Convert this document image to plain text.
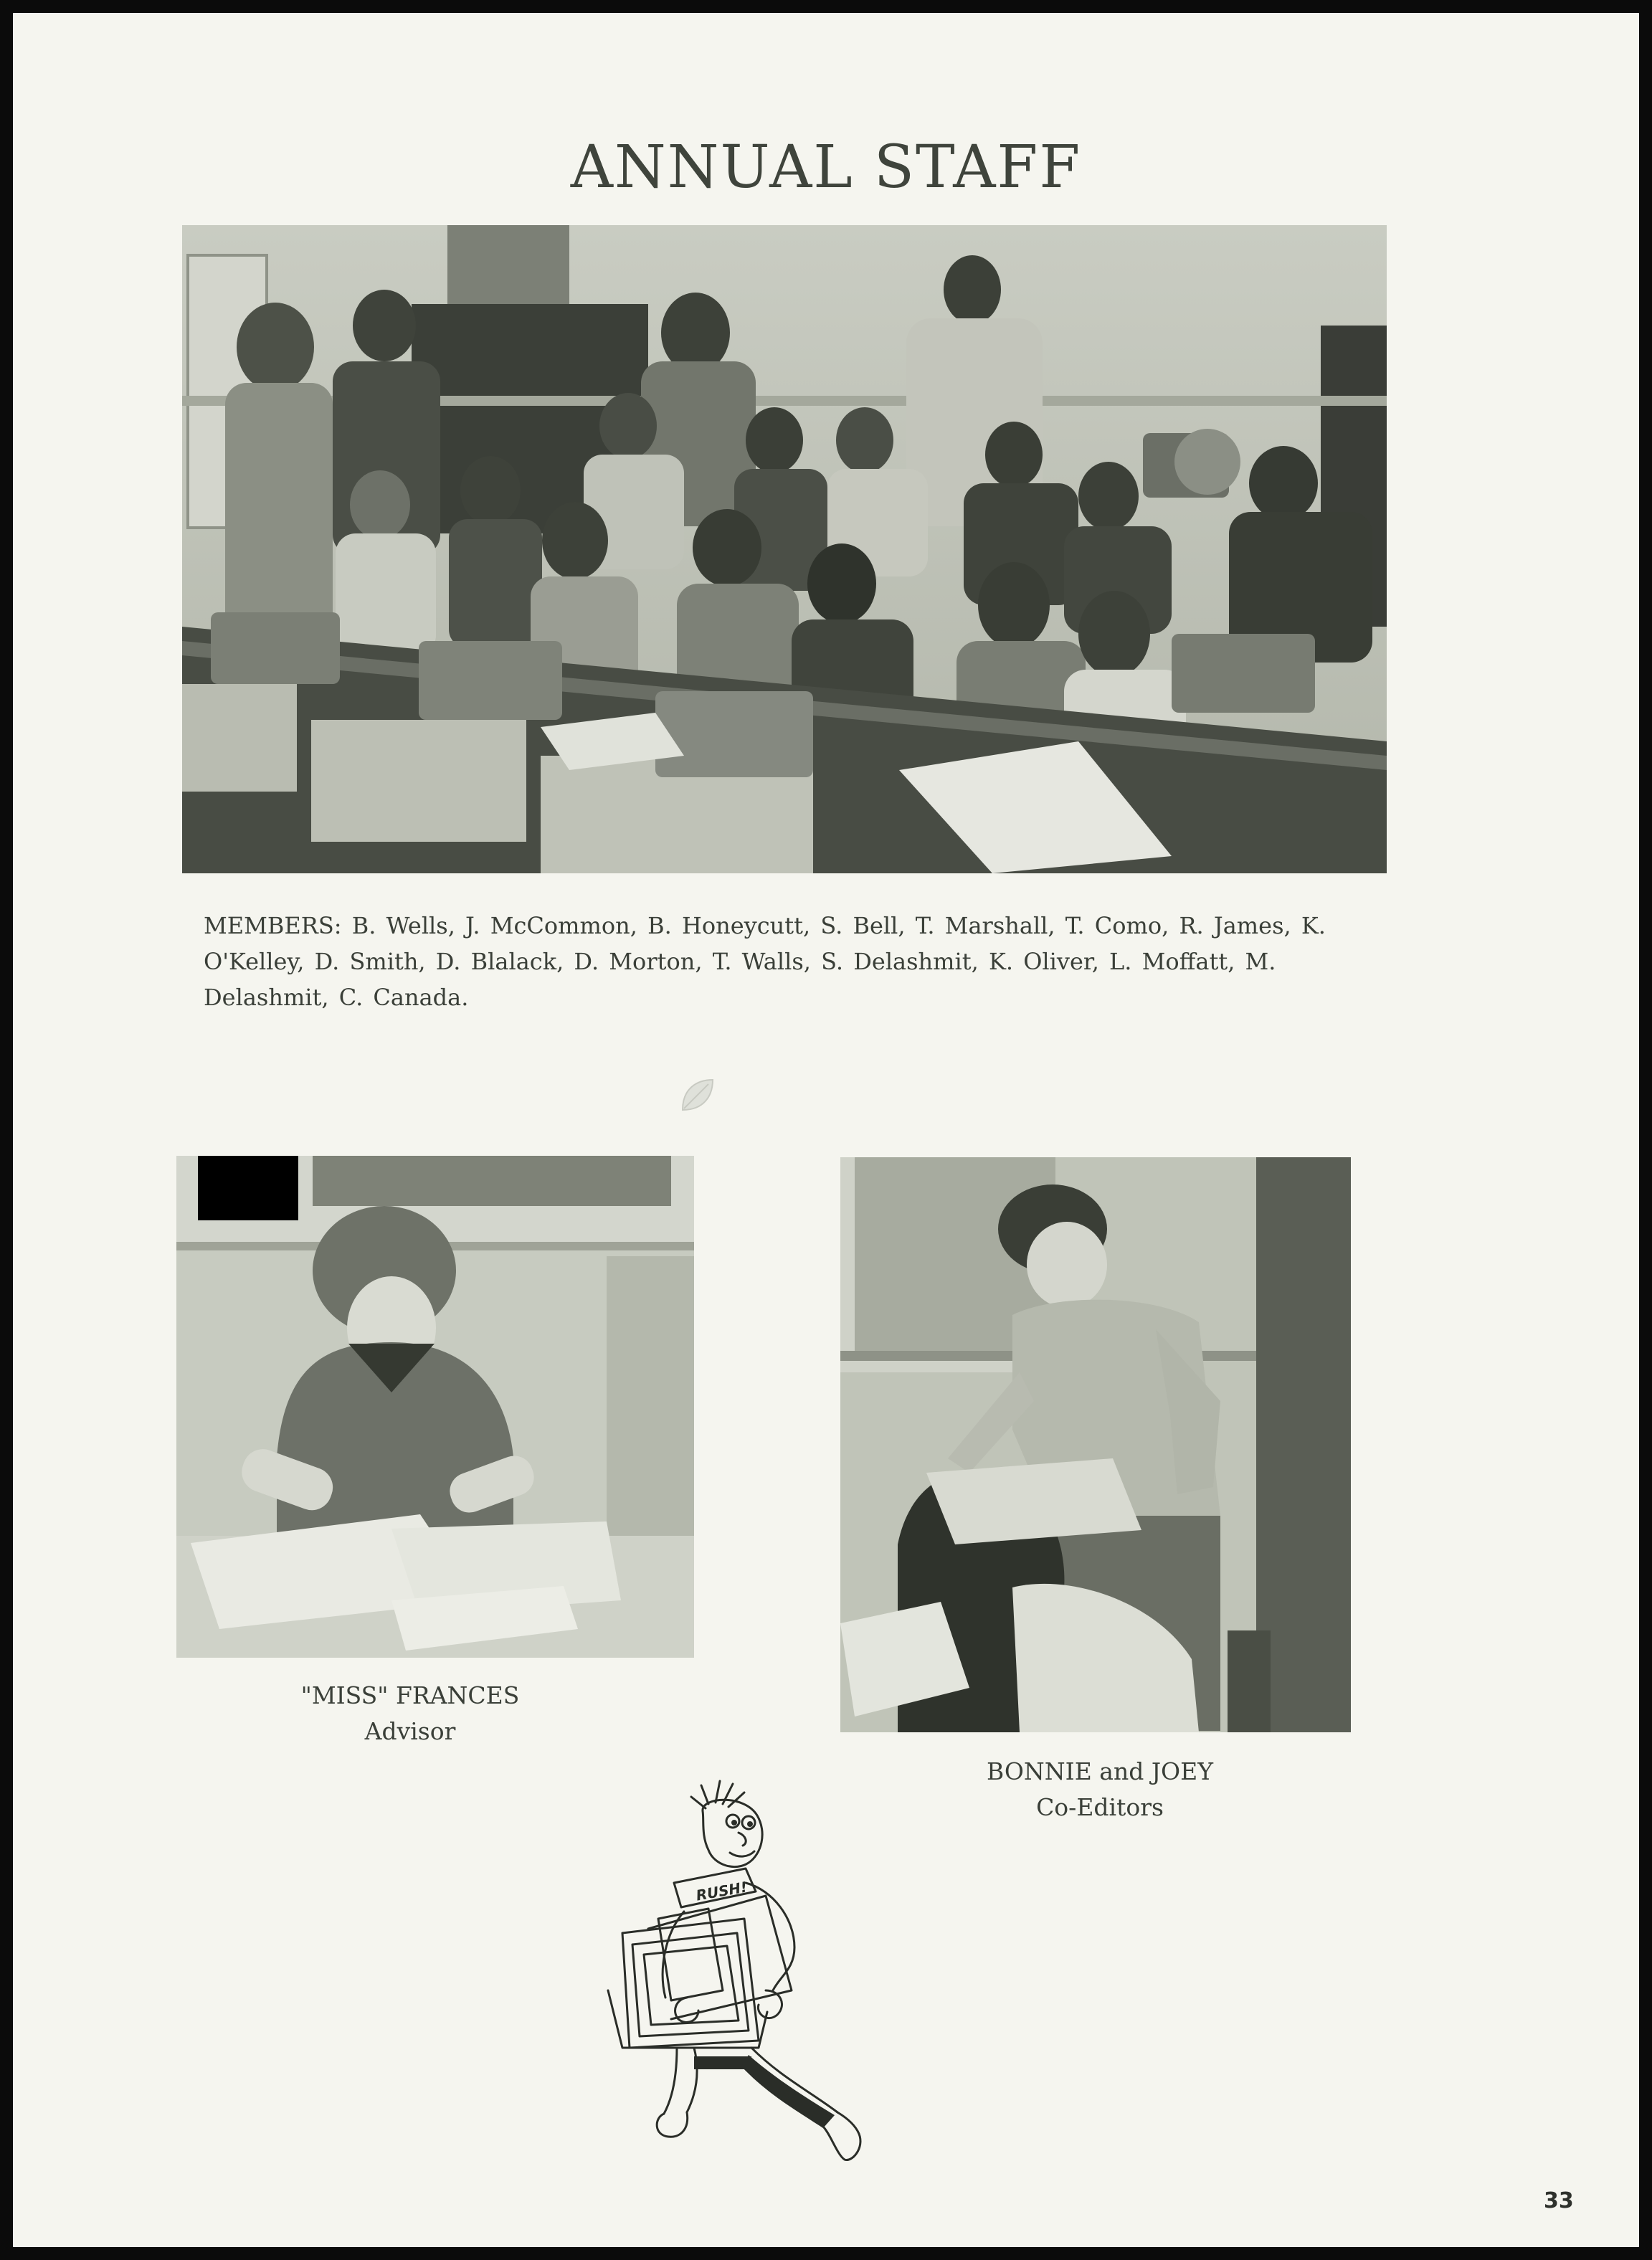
ANNUAL STAFF

MEMBERS: B. Wells, J. McCommon, B. Honeycutt, S. Bell, T. Marshall, T. Como, R. James, K. O'Kelley, D. Smith, D. Blalack, D. Morton, T. Walls, S. Delashmit, K. Oliver, L. Moffatt, M. Delashmit, C. Canada.

"MISS" FRANCES
Advisor
BONNIE and JOEY
Co-Editors
RUSH!
33
